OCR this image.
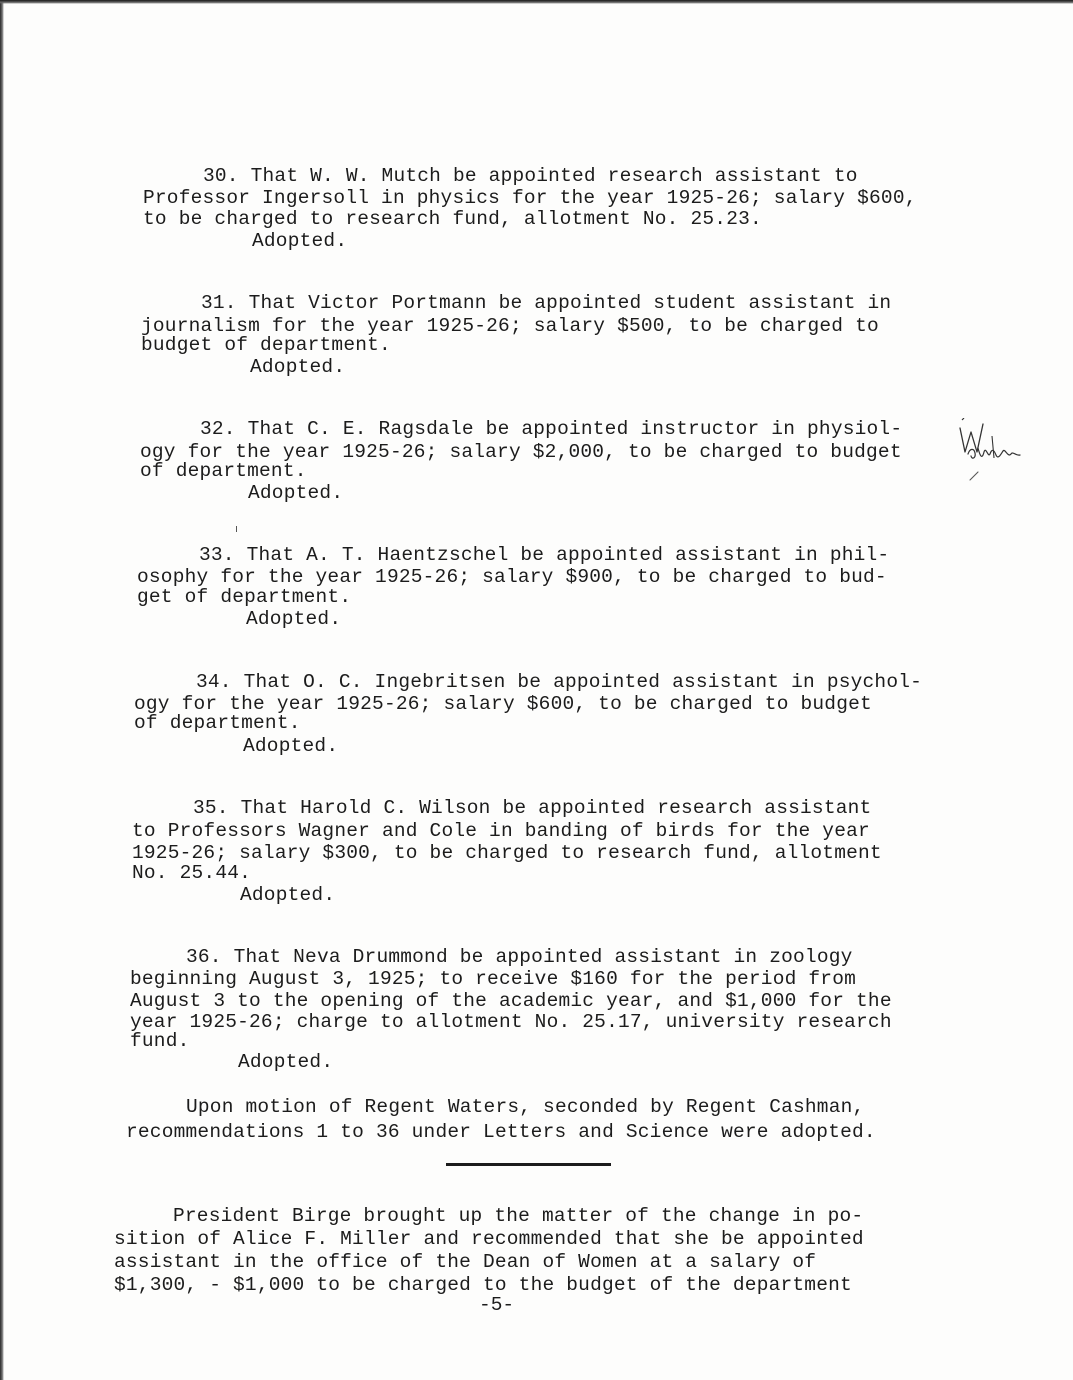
30. That W. W. Mutch be appointed research assistant to
Professor Ingersoll in physics for the year 1925-26; salary $600,
to be charged to research fund, allotment No. 25.23.
Adopted.
31. That Victor Portmann be appointed student assistant in
journalism for the year 1925-26; salary $500, to be charged to
budget of department.
Adopted.
32. That C. E. Ragsdale be appointed instructor in physiol-
ogy for the year 1925-26; salary $2,000, to be charged to budget
of department.
Adopted.
33. That A. T. Haentzschel be appointed assistant in phil-
osophy for the year 1925-26; salary $900, to be charged to bud-
get of department.
Adopted.
34. That O. C. Ingebritsen be appointed assistant in psychol-
ogy for the year 1925-26; salary $600, to be charged to budget
of department.
Adopted.
35. That Harold C. Wilson be appointed research assistant
to Professors Wagner and Cole in banding of birds for the year
1925-26; salary $300, to be charged to research fund, allotment
No. 25.44.
Adopted.
36. That Neva Drummond be appointed assistant in zoology
beginning August 3, 1925; to receive $160 for the period from
August 3 to the opening of the academic year, and $1,000 for the
year 1925-26; charge to allotment No. 25.17, university research
fund.
Adopted.
Upon motion of Regent Waters, seconded by Regent Cashman,
recommendations 1 to 36 under Letters and Science were adopted.
President Birge brought up the matter of the change in po-
sition of Alice F. Miller and recommended that she be appointed
assistant in the office of the Dean of Women at a salary of
$1,300, - $1,000 to be charged to the budget of the department
-5-
